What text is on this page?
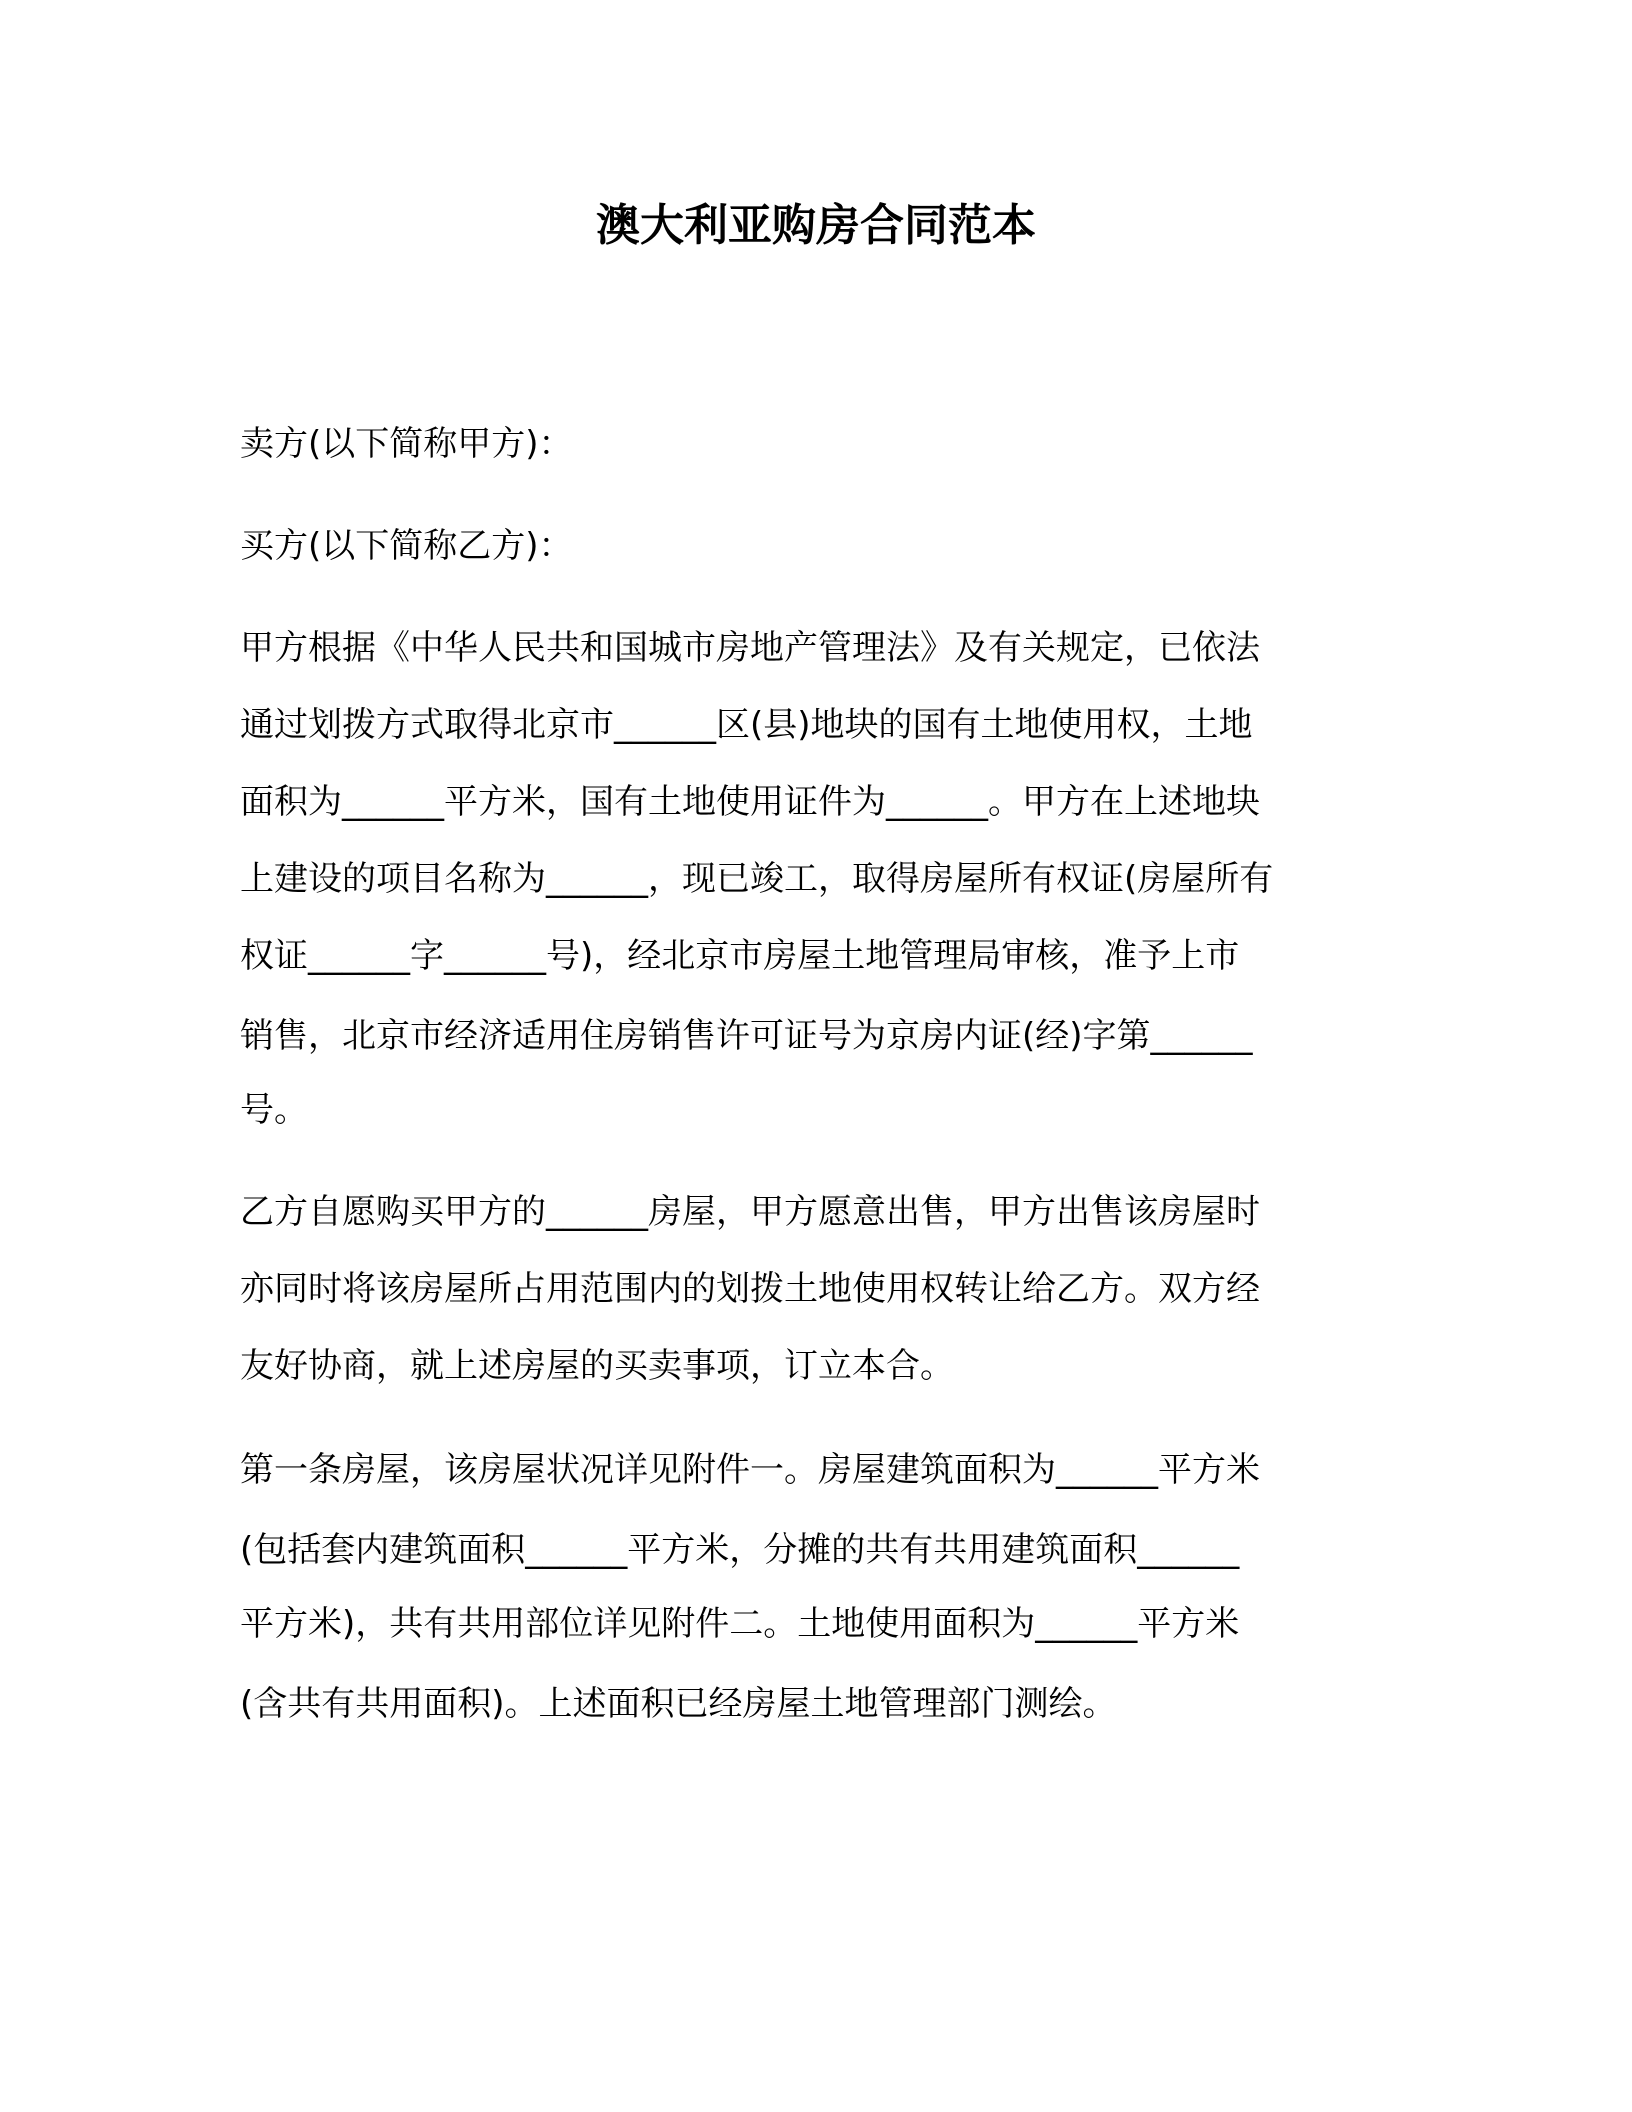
澳大利亚购房合同范本
卖方(以下简称甲方)：
买方(以下简称乙方)：
甲方根据《中华人民共和国城市房地产管理法》及有关规定，已依法
通过划拨方式取得北京市______区(县)地块的国有土地使用权，土地
面积为______平方米，国有土地使用证件为______。甲方在上述地块
上建设的项目名称为______，现已竣工，取得房屋所有权证(房屋所有
权证______字______号)，经北京市房屋土地管理局审核，准予上市
销售，北京市经济适用住房销售许可证号为京房内证(经)字第______
号。
乙方自愿购买甲方的______房屋，甲方愿意出售，甲方出售该房屋时
亦同时将该房屋所占用范围内的划拨土地使用权转让给乙方。双方经
友好协商，就上述房屋的买卖事项，订立本合。
第一条房屋，该房屋状况详见附件一。房屋建筑面积为______平方米
(包括套内建筑面积______平方米，分摊的共有共用建筑面积______
平方米)，共有共用部位详见附件二。土地使用面积为______平方米
(含共有共用面积)。上述面积已经房屋土地管理部门测绘。
